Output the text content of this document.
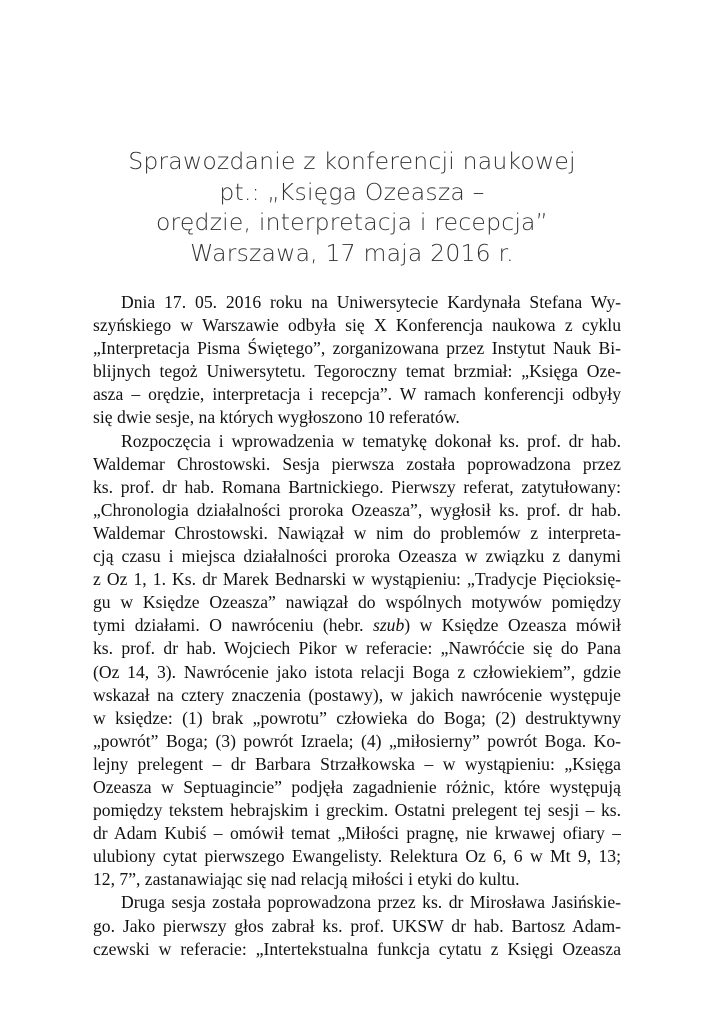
Sprawozdanie z konferencji naukowej
pt.: „Księga Ozeasza –
orędzie, interpretacja i recepcja”
Warszawa, 17 maja 2016 r.
Dnia 17. 05. 2016 roku na Uniwersytecie Kardynała Stefana Wy-
szyńskiego w Warszawie odbyła się X Konferencja naukowa z cyklu
„Interpretacja Pisma Świętego”, zorganizowana przez Instytut Nauk Bi-
blijnych tegoż Uniwersytetu. Tegoroczny temat brzmiał: „Księga Oze-
asza – orędzie, interpretacja i recepcja”. W ramach konferencji odbyły
się dwie sesje, na których wygłoszono 10 referatów.
Rozpoczęcia i wprowadzenia w tematykę dokonał ks. prof. dr hab.
Waldemar Chrostowski. Sesja pierwsza została poprowadzona przez
ks. prof. dr hab. Romana Bartnickiego. Pierwszy referat, zatytułowany:
„Chronologia działalności proroka Ozeasza”, wygłosił ks. prof. dr hab.
Waldemar Chrostowski. Nawiązał w nim do problemów z interpreta-
cją czasu i miejsca działalności proroka Ozeasza w związku z danymi
z Oz 1, 1. Ks. dr Marek Bednarski w wystąpieniu: „Tradycje Pięcioksię-
gu w Księdze Ozeasza” nawiązał do wspólnych motywów pomiędzy
tymi działami. O nawróceniu (hebr. szub) w Księdze Ozeasza mówił
ks. prof. dr hab. Wojciech Pikor w referacie: „Nawróćcie się do Pana
(Oz 14, 3). Nawrócenie jako istota relacji Boga z człowiekiem”, gdzie
wskazał na cztery znaczenia (postawy), w jakich nawrócenie występuje
w księdze: (1) brak „powrotu” człowieka do Boga; (2) destruktywny
„powrót” Boga; (3) powrót Izraela; (4) „miłosierny” powrót Boga. Ko-
lejny prelegent – dr Barbara Strzałkowska – w wystąpieniu: „Księga
Ozeasza w Septuagincie” podjęła zagadnienie różnic, które występują
pomiędzy tekstem hebrajskim i greckim. Ostatni prelegent tej sesji – ks.
dr Adam Kubiś – omówił temat „Miłości pragnę, nie krwawej ofiary –
ulubiony cytat pierwszego Ewangelisty. Relektura Oz 6, 6 w Mt 9, 13;
12, 7”, zastanawiając się nad relacją miłości i etyki do kultu.
Druga sesja została poprowadzona przez ks. dr Mirosława Jasińskie-
go. Jako pierwszy głos zabrał ks. prof. UKSW dr hab. Bartosz Adam-
czewski w referacie: „Intertekstualna funkcja cytatu z Księgi Ozeasza
